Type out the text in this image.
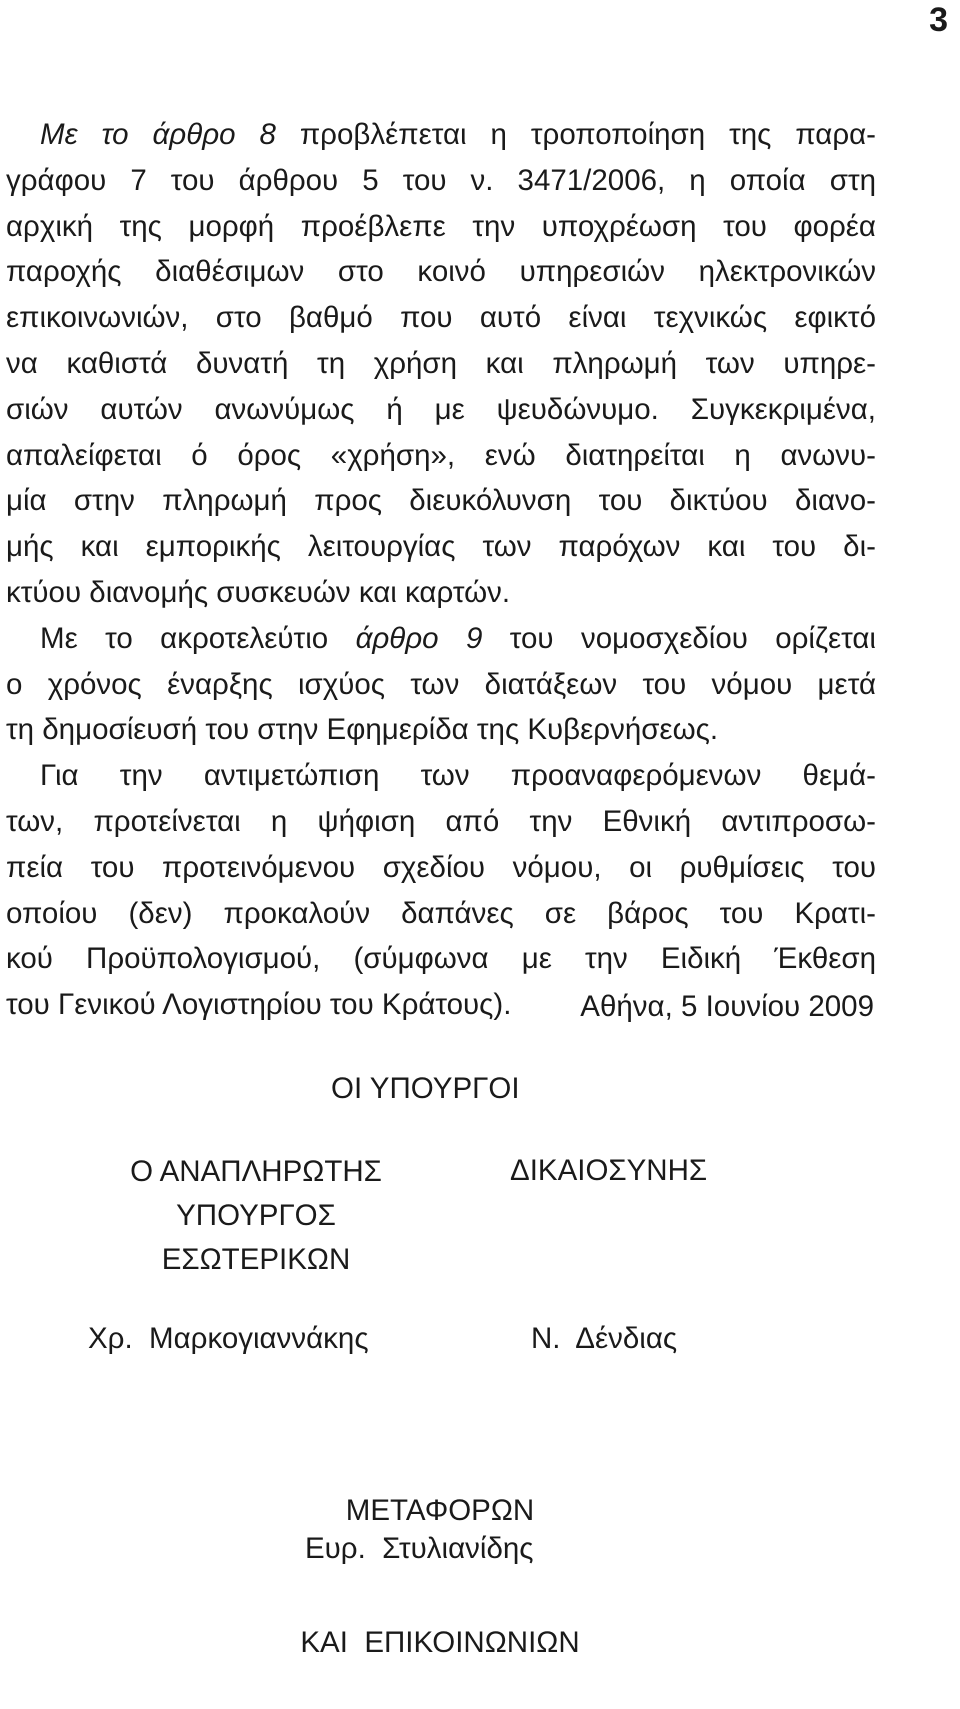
3
Με το άρθρο 8 προβλέπεται η τροποποίηση της παρα-
γράφου 7 του άρθρου 5 του ν. 3471/2006, η οποία στη
αρχική της μορφή προέβλεπε την υποχρέωση του φορέα
παροχής διαθέσιμων στο κοινό υπηρεσιών ηλεκτρονικών
επικοινωνιών, στο βαθμό που αυτό είναι τεχνικώς εφικτό
να καθιστά δυνατή τη χρήση και πληρωμή των υπηρε-
σιών αυτών ανωνύμως ή με ψευδώνυμο. Συγκεκριμένα,
απαλείφεται ό όρος «χρήση», ενώ διατηρείται η ανωνυ-
μία στην πληρωμή προς διευκόλυνση του δικτύου διανο-
μής και εμπορικής λειτουργίας των παρόχων και του δι-
κτύου διανομής συσκευών και καρτών.
Με το ακροτελεύτιο άρθρο 9 του νομοσχεδίου ορίζεται
ο χρόνος έναρξης ισχύος των διατάξεων του νόμου μετά
τη δημοσίευσή του στην Εφημερίδα της Κυβερνήσεως.
Για την αντιμετώπιση των προαναφερόμενων θεμά-
των, προτείνεται η ψήφιση από την Εθνική αντιπροσω-
πεία του προτεινόμενου σχεδίου νόμου, οι ρυθμίσεις του
οποίου (δεν) προκαλούν δαπάνες σε βάρος του Κρατι-
κού Προϋπολογισμού, (σύμφωνα με την Ειδική Έκθεση
του Γενικού Λογιστηρίου του Κράτους).	Αθήνα, 5 Ιουνίου 2009
ΟΙ ΥΠΟΥΡΓΟΙ
Ο ΑΝΑΠΛΗΡΩΤΗΣ
ΥΠΟΥΡΓΟΣ
ΕΣΩΤΕΡΙΚΩΝ
ΔΙΚΑΙΟΣΥΝΗΣ
Χρ.  Μαρκογιαννάκης	Ν.  Δένδιας

ΜΕΤΑΦΟΡΩΝ

ΚΑΙ  ΕΠΙΚΟΙΝΩΝΙΩΝ

Ευρ.  Στυλιανίδης
